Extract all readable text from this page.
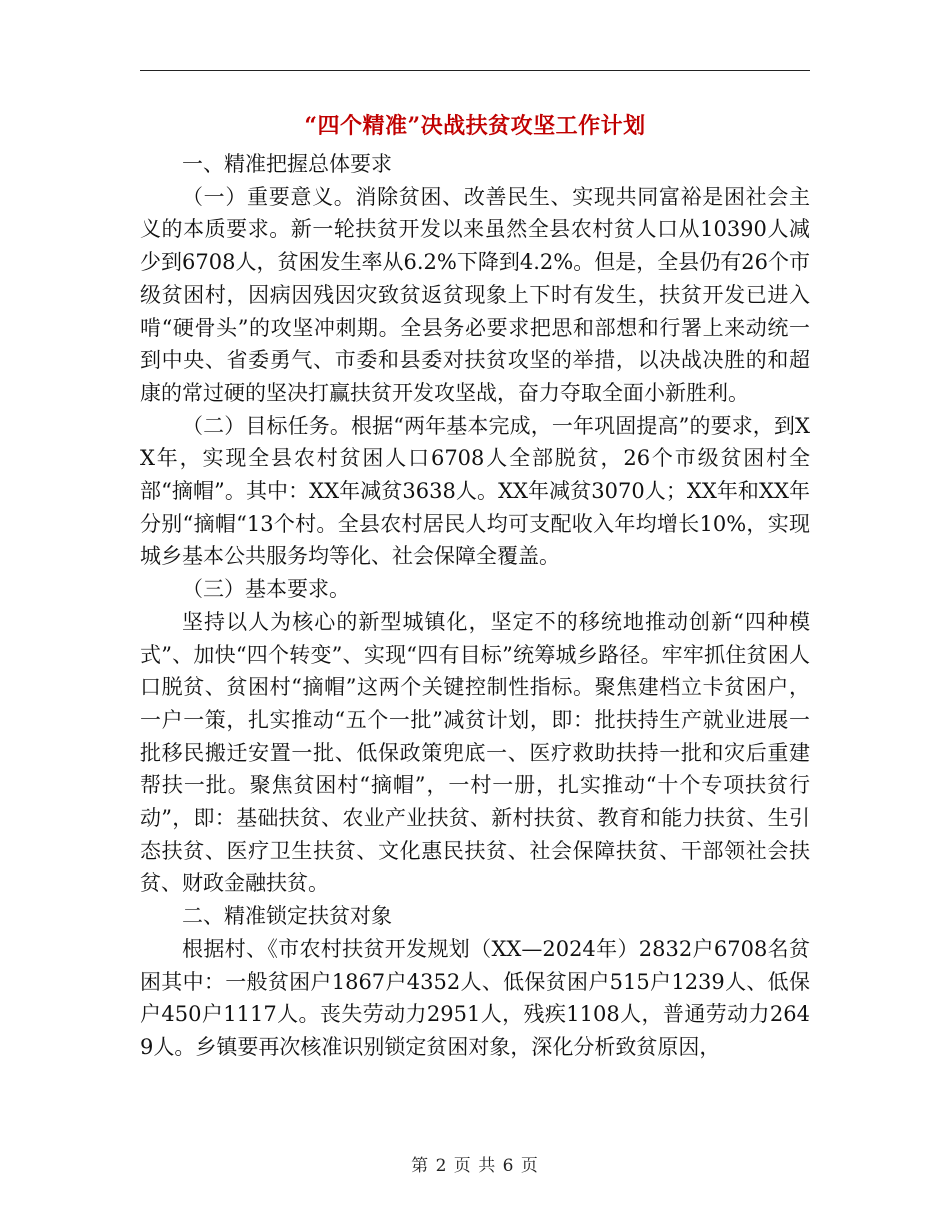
“四个精准”决战扶贫攻坚工作计划

一、精准把握总体要求

（一）重要意义。消除贫困、改善民生、实现共同富裕是困社会主义的本质要求。新一轮扶贫开发以来虽然全县农村贫人口从10390人减少到6708人，贫困发生率从6.2%下降到4.2%。但是，全县仍有26个市级贫困村，因病因残因灾致贫返贫现象上下时有发生，扶贫开发已进入啃“硬骨头”的攻坚冲刺期。全县务必要求把思和部想和行署上来动统一到中央、省委勇气、市委和县委对扶贫攻坚的举措，以决战决胜的和超康的常过硬的坚决打赢扶贫开发攻坚战，奋力夺取全面小新胜利。

（二）目标任务。根据“两年基本完成，一年巩固提高”的要求，到XX年，实现全县农村贫困人口6708人全部脱贫，26个市级贫困村全部“摘帽”。其中：XX年减贫3638人。XX年减贫3070人；XX年和XX年分别“摘帽“13个村。全县农村居民人均可支配收入年均增长10%，实现城乡基本公共服务均等化、社会保障全覆盖。

（三）基本要求。

坚持以人为核心的新型城镇化，坚定不的移统地推动创新“四种模式”、加快“四个转变”、实现“四有目标”统筹城乡路径。牢牢抓住贫困人口脱贫、贫困村“摘帽”这两个关键控制性指标。聚焦建档立卡贫困户，一户一策，扎实推动“五个一批”减贫计划，即：批扶持生产就业进展一批移民搬迁安置一批、低保政策兜底一、医疗救助扶持一批和灾后重建帮扶一批。聚焦贫困村“摘帽”，一村一册，扎实推动“十个专项扶贫行动”，即：基础扶贫、农业产业扶贫、新村扶贫、教育和能力扶贫、生引态扶贫、医疗卫生扶贫、文化惠民扶贫、社会保障扶贫、干部领社会扶贫、财政金融扶贫。

二、精准锁定扶贫对象

根据村、《市农村扶贫开发规划（XX—2024年）2832户6708名贫困其中：一般贫困户1867户4352人、低保贫困户515户1239人、低保户450户1117人。丧失劳动力2951人，残疾1108人，普通劳动力2649人。乡镇要再次核准识别锁定贫困对象，深化分析致贫原因，

第 2 页 共 6 页
